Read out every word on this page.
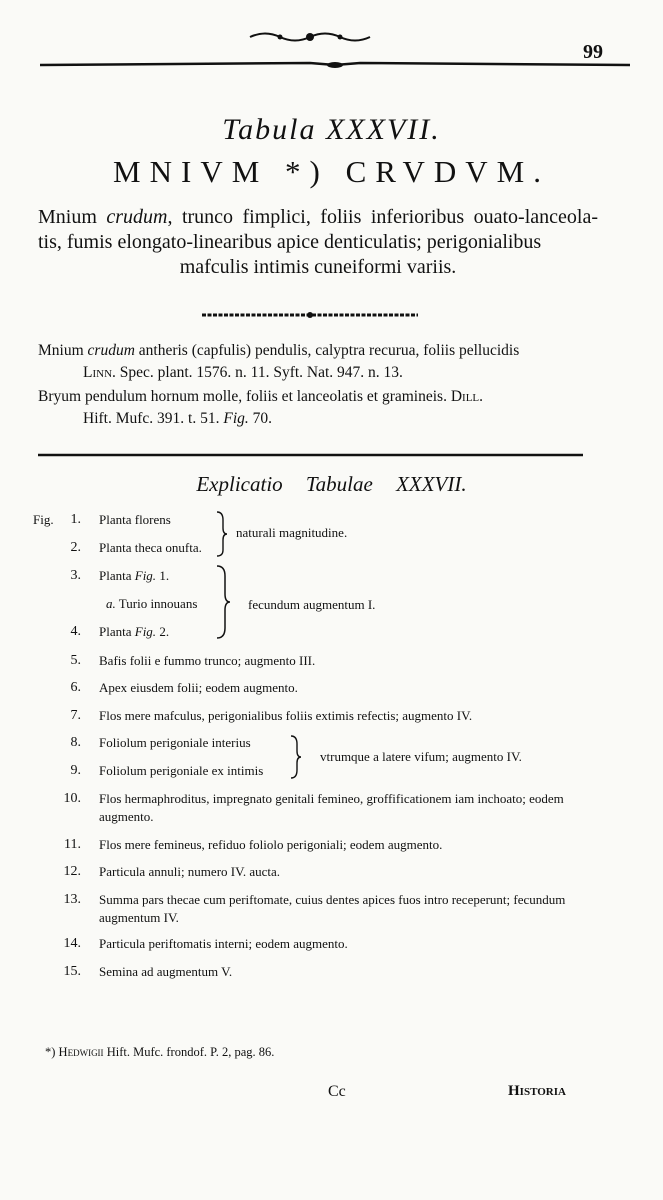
99
Tabula XXXVII.
MNIVM *) CRVDVM.
Mnium crudum, trunco fimplici, foliis inferioribus ouato-lanceola- tis, fumis elongato-linearibus apice denticulatis; perigonialibus
mafculis intimis cuneiformi variis.
Mnium crudum antheris (capfulis) pendulis, calyptra recurua, foliis pellucidis
Linn. Spec. plant. 1576. n. 11. Syft. Nat. 947. n. 13.
Bryum pendulum hornum molle, foliis et lanceolatis et gramineis. Dill.
Hift. Mufc. 391. t. 51. Fig. 70.
Explicatio Tabulae XXXVII.
Fig.	1. Planta florens
2. Planta theca onufta.
naturali magnitudine.
3. Planta Fig. 1.
a. Turio innouans
4. Planta Fig. 2.
fecundum augmentum I.
5. Bafis folii e fummo trunco; augmento III.
6. Apex eiusdem folii; eodem augmento.
7. Flos mere mafculus, perigonialibus foliis extimis refectis; augmento IV.
8. Foliolum perigoniale interius
9. Foliolum perigoniale ex intimis
vtrumque a latere vifum; augmento IV.
10. Flos hermaphroditus, impregnato genitali femineo, groffificationem iam inchoato; eodem augmento.
11. Flos mere femineus, refiduo foliolo perigoniali; eodem augmento.
12. Particula annuli; numero IV. aucta.
13. Summa pars thecae cum periftomate, cuius dentes apices fuos intro receperunt; fecundum augmentum IV.
14. Particula periftomatis interni; eodem augmento.
15. Semina ad augmentum V.
*) Hedwigii Hift. Mufc. frondof. P. 2, pag. 86.
Cc	Historia
